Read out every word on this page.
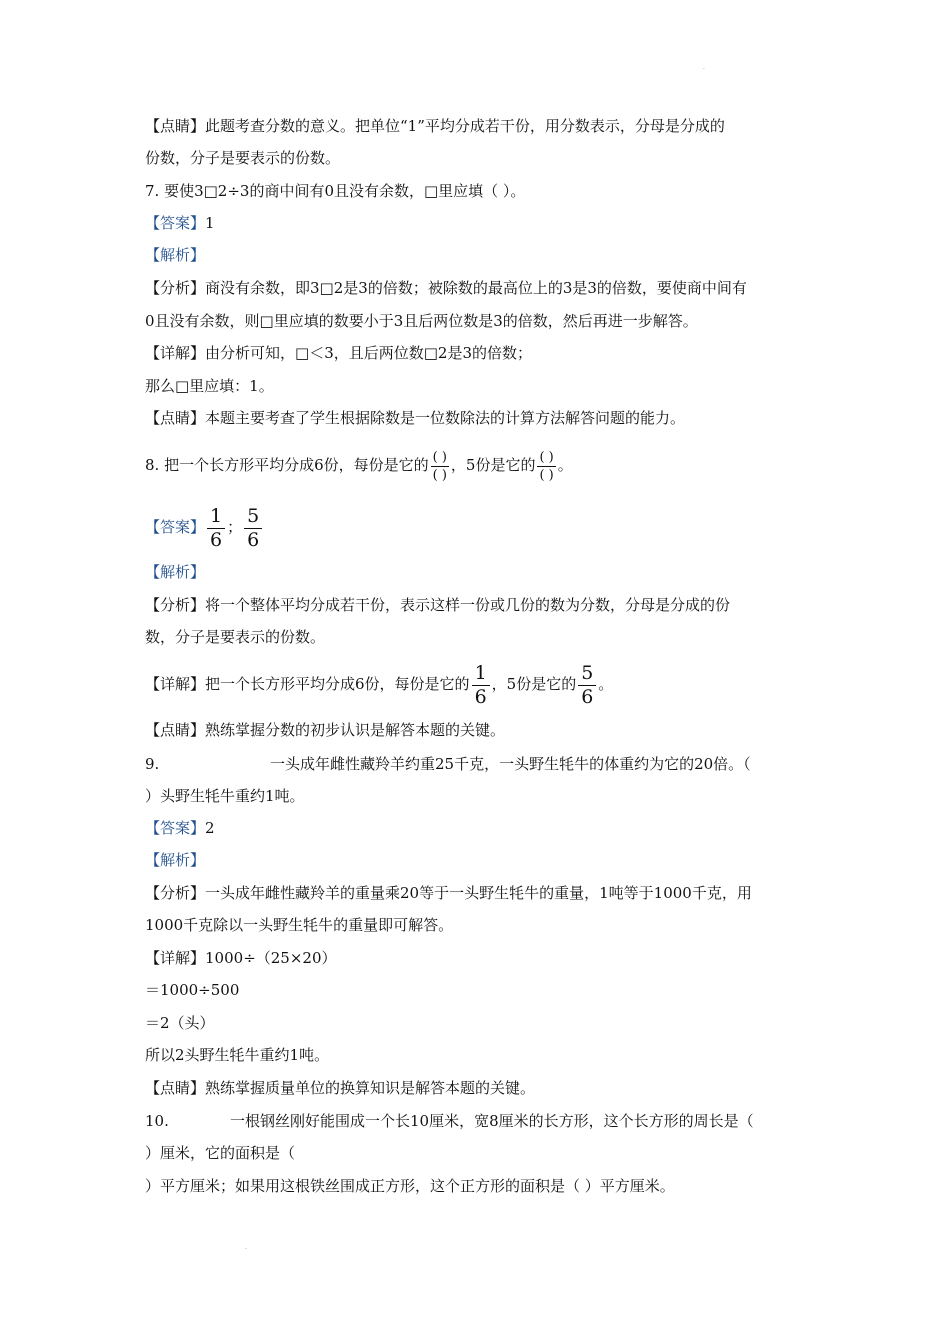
·
【点睛】此题考查分数的意义。把单位“1”平均分成若干份，用分数表示，分母是分成的
份数，分子是要表示的份数。
7. 要使3□2÷3的商中间有0且没有余数，□里应填（ ）。
【答案】1
【解析】
【分析】商没有余数，即3□2是3的倍数；被除数的最高位上的3是3的倍数，要使商中间有
0且没有余数，则□里应填的数要小于3且后两位数是3的倍数，然后再进一步解答。
【详解】由分析可知，□＜3，且后两位数□2是3的倍数；
那么□里应填：1。
【点睛】本题主要考查了学生根据除数是一位数除法的计算方法解答问题的能力。
8. 把一个长方形平均分成6份，每份是它的 $\frac{( )}{( )}$ ，5份是它的 $\frac{( )}{( )}$ 。
【答案】 $\frac{1}{6}$ ； $\frac{5}{6}$
【解析】
【分析】将一个整体平均分成若干份，表示这样一份或几份的数为分数，分母是分成的份
数，分子是要表示的份数。
【详解】把一个长方形平均分成6份，每份是它的 $\frac{1}{6}$ ，5份是它的 $\frac{5}{6}$ 。
【点睛】熟练掌握分数的初步认识是解答本题的关键。
9.	一头成年雌性藏羚羊约重25千克，一头野生牦牛的体重约为它的20倍。（
）头野生牦牛重约1吨。
【答案】2
【解析】
【分析】一头成年雌性藏羚羊的重量乘20等于一头野生牦牛的重量，1吨等于1000千克，用
1000千克除以一头野生牦牛的重量即可解答。
【详解】1000÷（25×20）
＝1000÷500
＝2（头）
所以2头野生牦牛重约1吨。
【点睛】熟练掌握质量单位的换算知识是解答本题的关键。
10.	一根钢丝刚好能围成一个长10厘米，宽8厘米的长方形，这个长方形的周长是（
）厘米，它的面积是（
）平方厘米；如果用这根铁丝围成正方形，这个正方形的面积是（ ）平方厘米。
·
